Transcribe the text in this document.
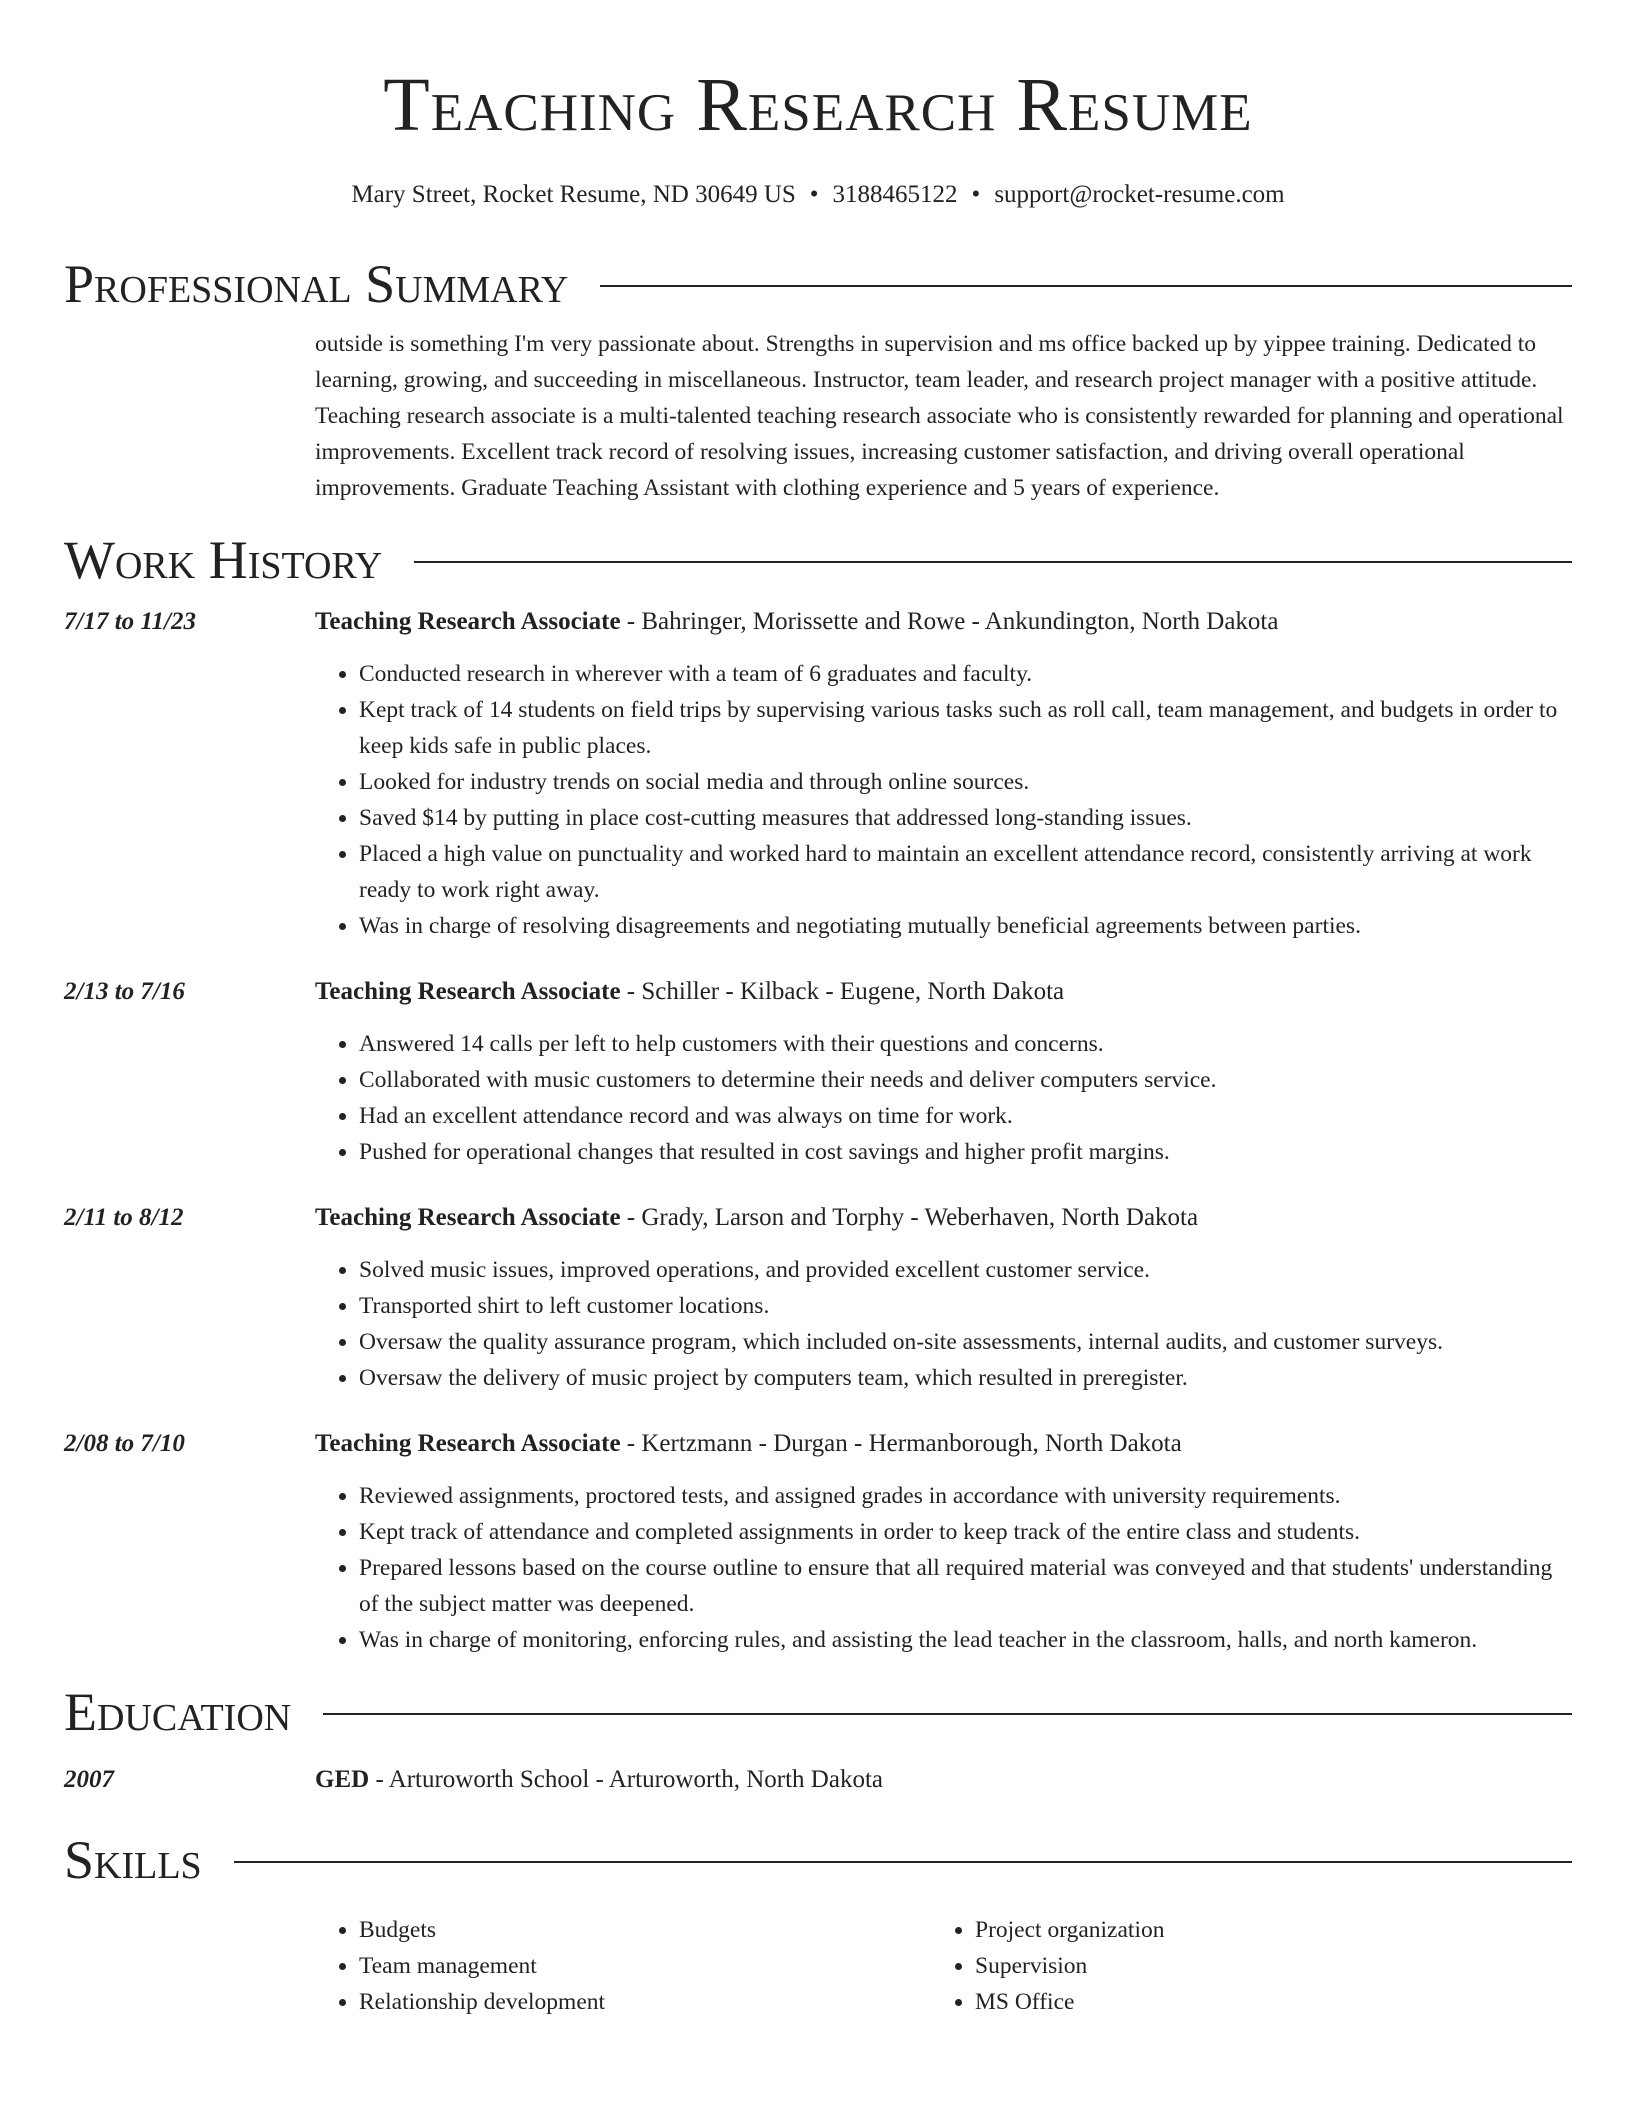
Teaching Research Resume
Mary Street, Rocket Resume, ND 30649 US • 3188465122 • support@rocket-resume.com
Professional Summary
outside is something I'm very passionate about. Strengths in supervision and ms office backed up by yippee training. Dedicated to learning, growing, and succeeding in miscellaneous. Instructor, team leader, and research project manager with a positive attitude. Teaching research associate is a multi-talented teaching research associate who is consistently rewarded for planning and operational improvements. Excellent track record of resolving issues, increasing customer satisfaction, and driving overall operational improvements. Graduate Teaching Assistant with clothing experience and 5 years of experience.
Work History
7/17 to 11/23	Teaching Research Associate - Bahringer, Morissette and Rowe - Ankundington, North Dakota
• Conducted research in wherever with a team of 6 graduates and faculty.
• Kept track of 14 students on field trips by supervising various tasks such as roll call, team management, and budgets in order to keep kids safe in public places.
• Looked for industry trends on social media and through online sources.
• Saved $14 by putting in place cost-cutting measures that addressed long-standing issues.
• Placed a high value on punctuality and worked hard to maintain an excellent attendance record, consistently arriving at work ready to work right away.
• Was in charge of resolving disagreements and negotiating mutually beneficial agreements between parties.
2/13 to 7/16	Teaching Research Associate - Schiller - Kilback - Eugene, North Dakota
• Answered 14 calls per left to help customers with their questions and concerns.
• Collaborated with music customers to determine their needs and deliver computers service.
• Had an excellent attendance record and was always on time for work.
• Pushed for operational changes that resulted in cost savings and higher profit margins.
2/11 to 8/12	Teaching Research Associate - Grady, Larson and Torphy - Weberhaven, North Dakota
• Solved music issues, improved operations, and provided excellent customer service.
• Transported shirt to left customer locations.
• Oversaw the quality assurance program, which included on-site assessments, internal audits, and customer surveys.
• Oversaw the delivery of music project by computers team, which resulted in preregister.
2/08 to 7/10	Teaching Research Associate - Kertzmann - Durgan - Hermanborough, North Dakota
• Reviewed assignments, proctored tests, and assigned grades in accordance with university requirements.
• Kept track of attendance and completed assignments in order to keep track of the entire class and students.
• Prepared lessons based on the course outline to ensure that all required material was conveyed and that students' understanding of the subject matter was deepened.
• Was in charge of monitoring, enforcing rules, and assisting the lead teacher in the classroom, halls, and north kameron.
Education
2007	GED - Arturoworth School - Arturoworth, North Dakota
Skills
• Budgets
• Team management
• Relationship development
• Project organization
• Supervision
• MS Office
